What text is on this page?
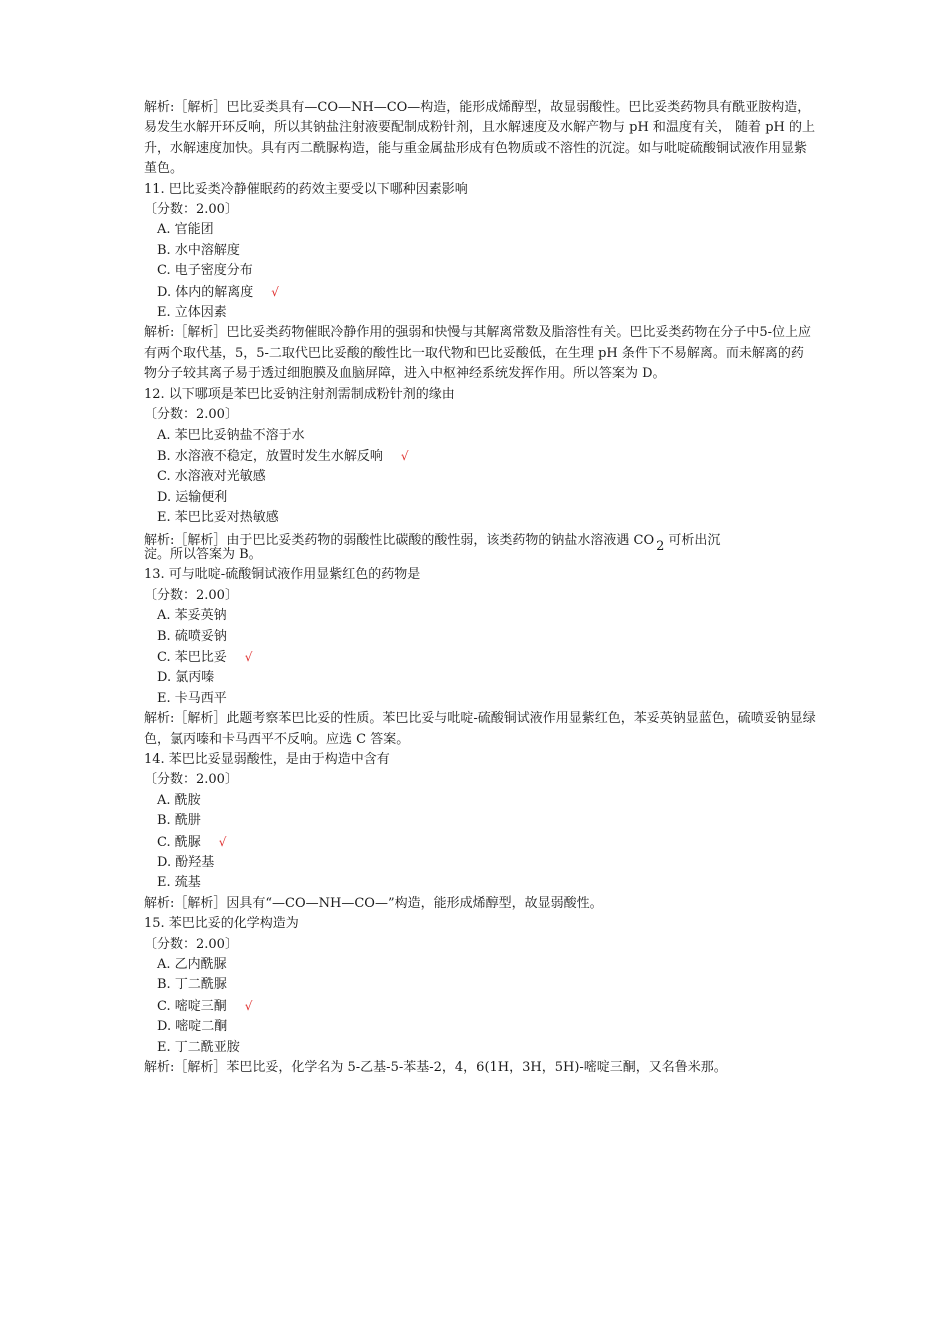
解析:［解析］巴比妥类具有—CO—NH—CO—构造，能形成烯醇型，故显弱酸性。巴比妥类药物具有酰亚胺构造，易发生水解开环反响，所以其钠盐注射液要配制成粉针剂，且水解速度及水解产物与 pH 和温度有关， 随着 pH 的上升，水解速度加快。具有丙二酰脲构造，能与重金属盐形成有色物质或不溶性的沉淀。如与吡啶硫酸铜试液作用显紫堇色。
11. 巴比妥类冷静催眠药的药效主要受以下哪种因素影响
〔分数：2.00〕
A. 官能团
B. 水中溶解度
C. 电子密度分布
D. 体内的解离度 √
E. 立体因素
解析:［解析］巴比妥类药物催眠冷静作用的强弱和快慢与其解离常数及脂溶性有关。巴比妥类药物在分子中5-位上应有两个取代基，5，5-二取代巴比妥酸的酸性比一取代物和巴比妥酸低，在生理 pH 条件下不易解离。而未解离的药物分子较其离子易于透过细胞膜及血脑屏障，进入中枢神经系统发挥作用。所以答案为 D。
12. 以下哪项是苯巴比妥钠注射剂需制成粉针剂的缘由
〔分数：2.00〕
A. 苯巴比妥钠盐不溶于水
B. 水溶液不稳定，放置时发生水解反响 √
C. 水溶液对光敏感
D. 运输便利
E. 苯巴比妥对热敏感
解析:［解析］由于巴比妥类药物的弱酸性比碳酸的酸性弱，该类药物的钠盐水溶液遇 CO 2 可析出沉
淀。所以答案为 B。
13. 可与吡啶-硫酸铜试液作用显紫红色的药物是
〔分数：2.00〕
A. 苯妥英钠
B. 硫喷妥钠
C. 苯巴比妥 √
D. 氯丙嗪
E. 卡马西平
解析:［解析］此题考察苯巴比妥的性质。苯巴比妥与吡啶-硫酸铜试液作用显紫红色，苯妥英钠显蓝色，硫喷妥钠显绿色，氯丙嗪和卡马西平不反响。应选 C 答案。
14. 苯巴比妥显弱酸性，是由于构造中含有
〔分数：2.00〕
A. 酰胺
B. 酰肼
C. 酰脲 √
D. 酚羟基
E. 巯基
解析:［解析］因具有“—CO—NH—CO—”构造，能形成烯醇型，故显弱酸性。
15. 苯巴比妥的化学构造为
〔分数：2.00〕
A. 乙内酰脲
B. 丁二酰脲
C. 嘧啶三酮 √
D. 嘧啶二酮
E. 丁二酰亚胺
解析:［解析］苯巴比妥，化学名为 5-乙基-5-苯基-2，4，6(1H，3H，5H)-嘧啶三酮，又名鲁米那。
